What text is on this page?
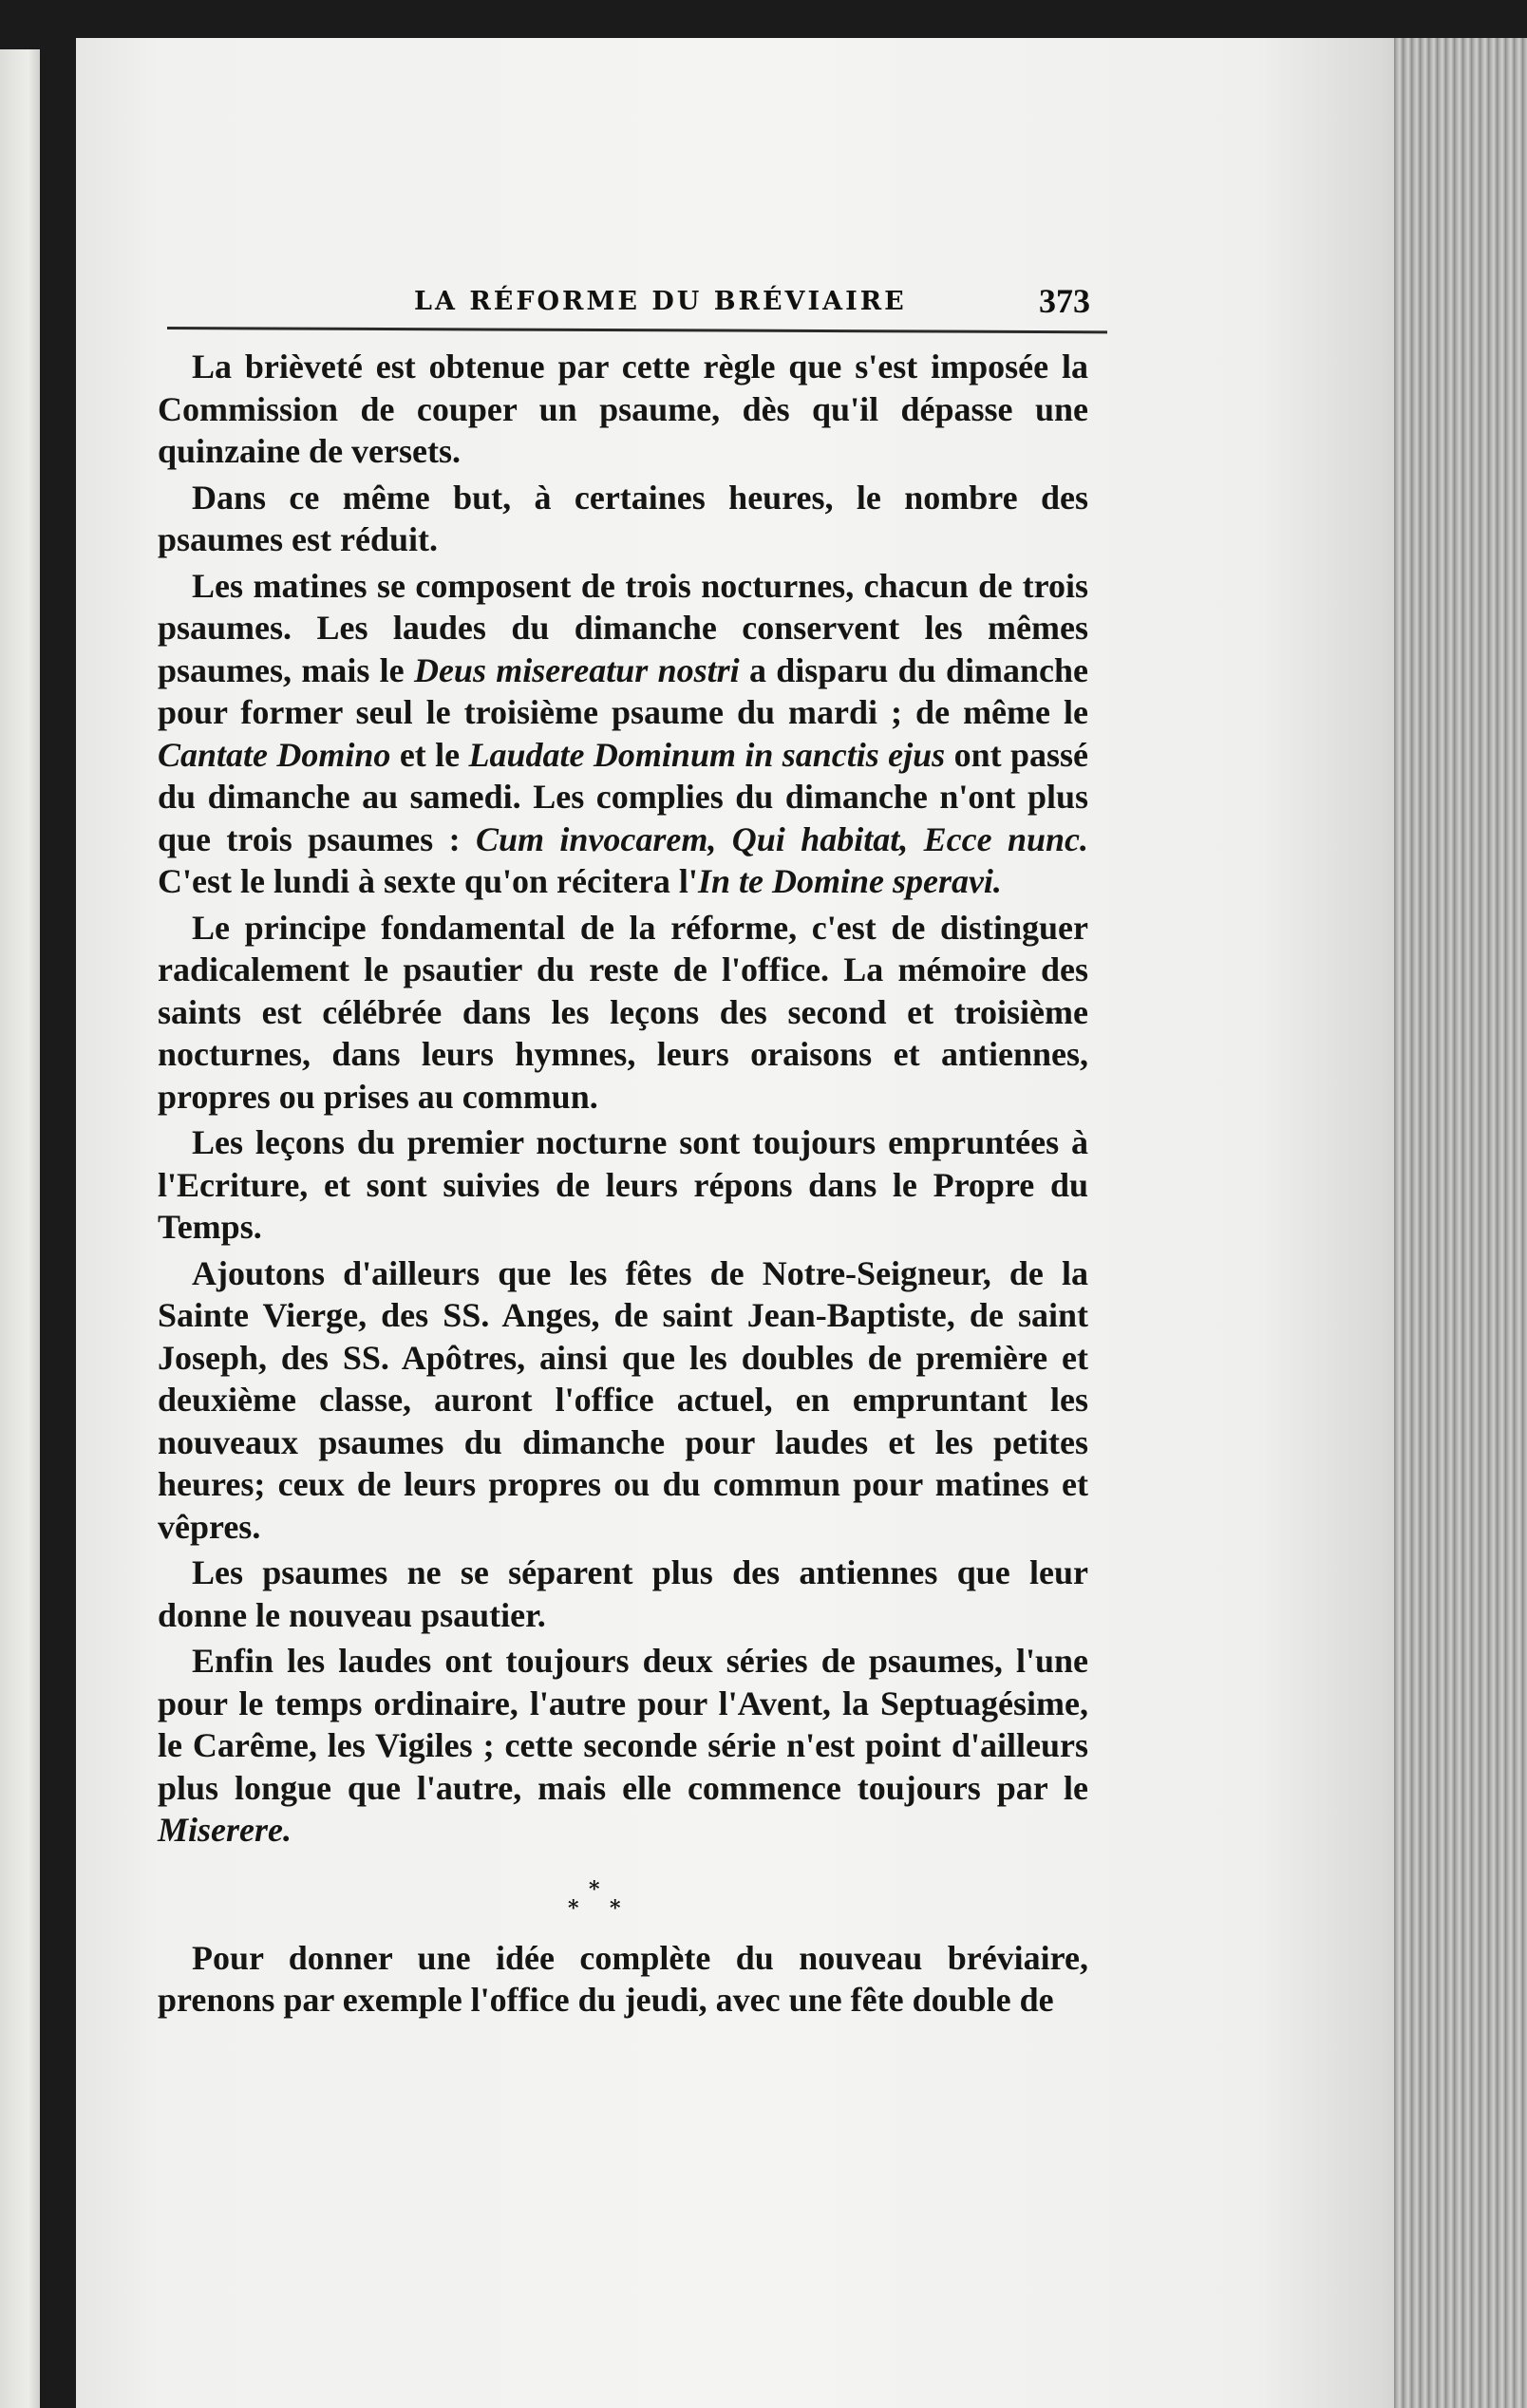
LA RÉFORME DU BRÉVIAIRE	373

La brièveté est obtenue par cette règle que s'est imposée la Commission de couper un psaume, dès qu'il dépasse une quinzaine de versets.

Dans ce même but, à certaines heures, le nombre des psaumes est réduit.

Les matines se composent de trois nocturnes, chacun de trois psaumes. Les laudes du dimanche conservent les mêmes psaumes, mais le Deus misereatur nostri a disparu du dimanche pour former seul le troisième psaume du mardi ; de même le Cantate Domino et le Laudate Dominum in sanctis ejus ont passé du dimanche au samedi. Les complies du dimanche n'ont plus que trois psaumes : Cum invocarem, Qui habitat, Ecce nunc. C'est le lundi à sexte qu'on récitera l'In te Domine speravi.

Le principe fondamental de la réforme, c'est de distinguer radicalement le psautier du reste de l'office. La mémoire des saints est célébrée dans les leçons des second et troisième nocturnes, dans leurs hymnes, leurs oraisons et antiennes, propres ou prises au commun.

Les leçons du premier nocturne sont toujours empruntées à l'Ecriture, et sont suivies de leurs répons dans le Propre du Temps.

Ajoutons d'ailleurs que les fêtes de Notre-Seigneur, de la Sainte Vierge, des SS. Anges, de saint Jean-Baptiste, de saint Joseph, des SS. Apôtres, ainsi que les doubles de première et deuxième classe, auront l'office actuel, en empruntant les nouveaux psaumes du dimanche pour laudes et les petites heures; ceux de leurs propres ou du commun pour matines et vêpres.

Les psaumes ne se séparent plus des antiennes que leur donne le nouveau psautier.

Enfin les laudes ont toujours deux séries de psaumes, l'une pour le temps ordinaire, l'autre pour l'Avent, la Septuagésime, le Carême, les Vigiles ; cette seconde série n'est point d'ailleurs plus longue que l'autre, mais elle commence toujours par le Miserere.

*
* *

Pour donner une idée complète du nouveau bréviaire, prenons par exemple l'office du jeudi, avec une fête double de
